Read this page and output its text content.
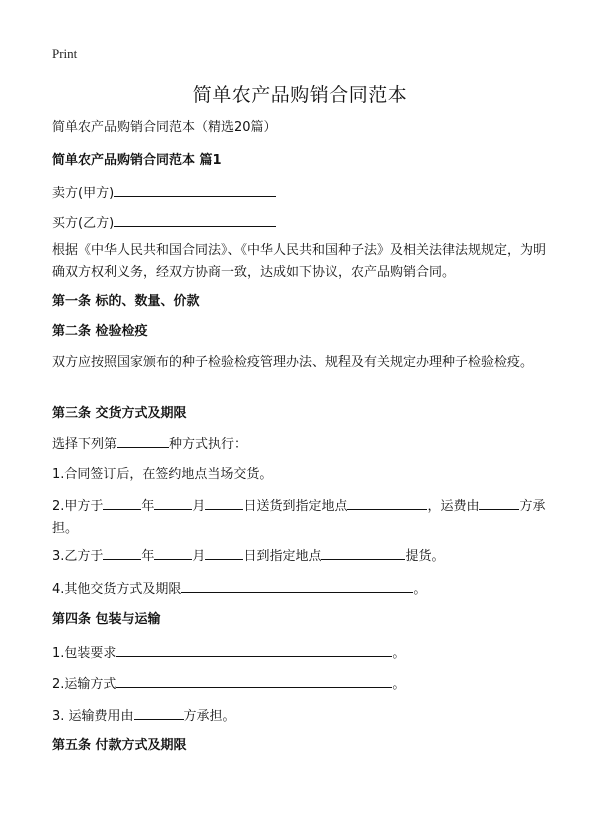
Print
简单农产品购销合同范本
简单农产品购销合同范本（精选20篇）
简单农产品购销合同范本 篇1
卖方(甲方)
买方(乙方)
根据《中华人民共和国合同法》、《中华人民共和国种子法》及相关法律法规规定，为明确双方权利义务，经双方协商一致，达成如下协议，农产品购销合同。
第一条 标的、数量、价款
第二条 检验检疫
双方应按照国家颁布的种子检验检疫管理办法、规程及有关规定办理种子检验检疫。
第三条 交货方式及期限
选择下列第	种方式执行：
1.合同签订后，在签约地点当场交货。
2.甲方于	年	月	日送货到指定地点	，运费由	方承担。
3.乙方于	年	月	日到指定地点	提货。
4.其他交货方式及期限	。
第四条 包装与运输
1.包装要求	。
2.运输方式	。
3. 运输费用由	方承担。
第五条 付款方式及期限
